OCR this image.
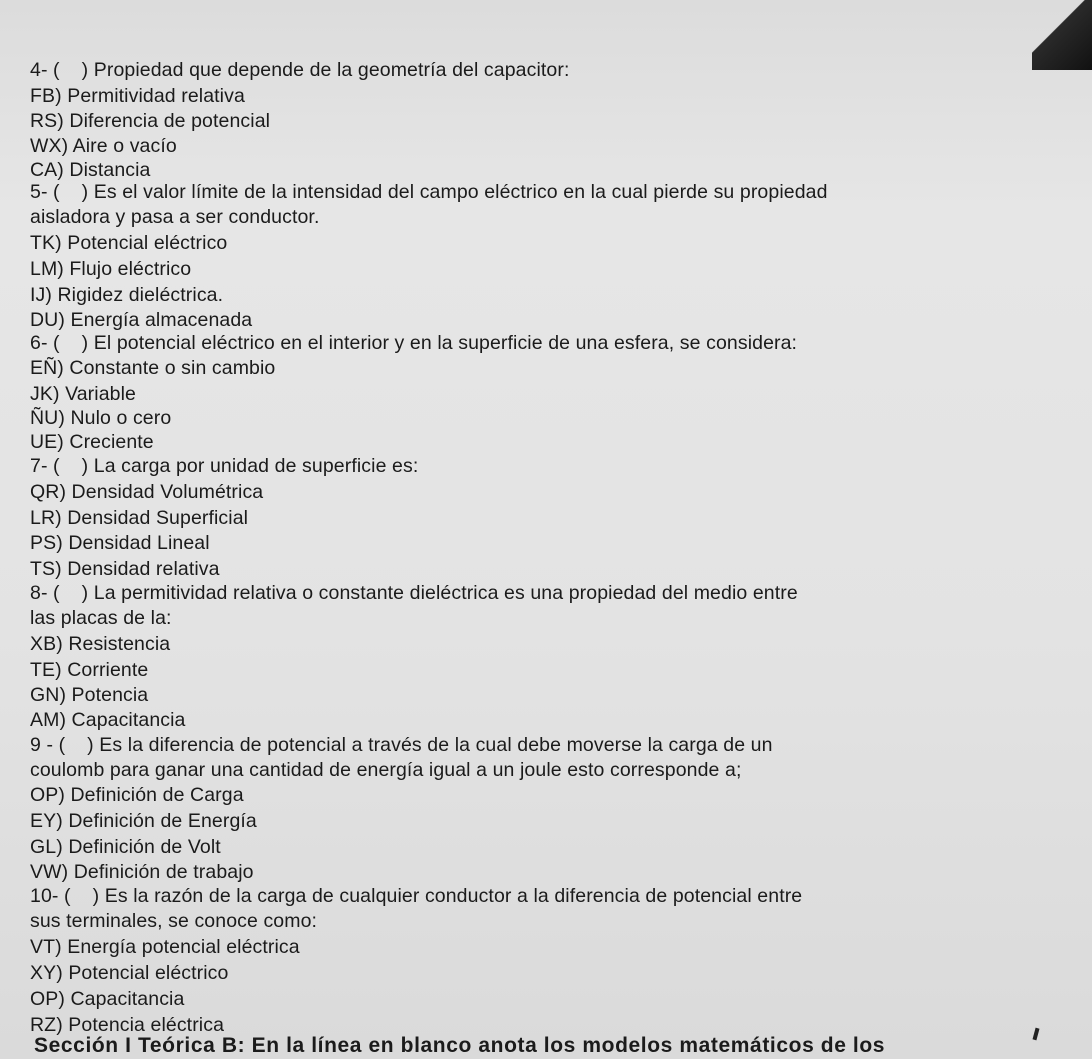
4- ( ) Propiedad que depende de la geometría del capacitor:
FB) Permitividad relativa
RS) Diferencia de potencial
WX) Aire o vacío
CA) Distancia
5- ( ) Es el valor límite de la intensidad del campo eléctrico en la cual pierde su propiedad
aisladora y pasa a ser conductor.
TK) Potencial eléctrico
LM) Flujo eléctrico
IJ) Rigidez dieléctrica.
DU) Energía almacenada
6- ( ) El potencial eléctrico en el interior y en la superficie de una esfera, se considera:
EÑ) Constante o sin cambio
JK) Variable
ÑU) Nulo o cero
UE) Creciente
7- ( ) La carga por unidad de superficie es:
QR) Densidad Volumétrica
LR) Densidad Superficial
PS) Densidad Lineal
TS) Densidad relativa
8- ( ) La permitividad relativa o constante dieléctrica es una propiedad del medio entre
las placas de la:
XB) Resistencia
TE) Corriente
GN) Potencia
AM) Capacitancia
9 - ( ) Es la diferencia de potencial a través de la cual debe moverse la carga de un
coulomb para ganar una cantidad de energía igual a un joule esto corresponde a;
OP) Definición de Carga
EY) Definición de Energía
GL) Definición de Volt
VW) Definición de trabajo
10- ( ) Es la razón de la carga de cualquier conductor a la diferencia de potencial entre
sus terminales, se conoce como:
VT) Energía potencial eléctrica
XY) Potencial eléctrico
OP) Capacitancia
RZ) Potencia eléctrica
Sección I Teórica B: En la línea en blanco anota los modelos matemáticos de los
